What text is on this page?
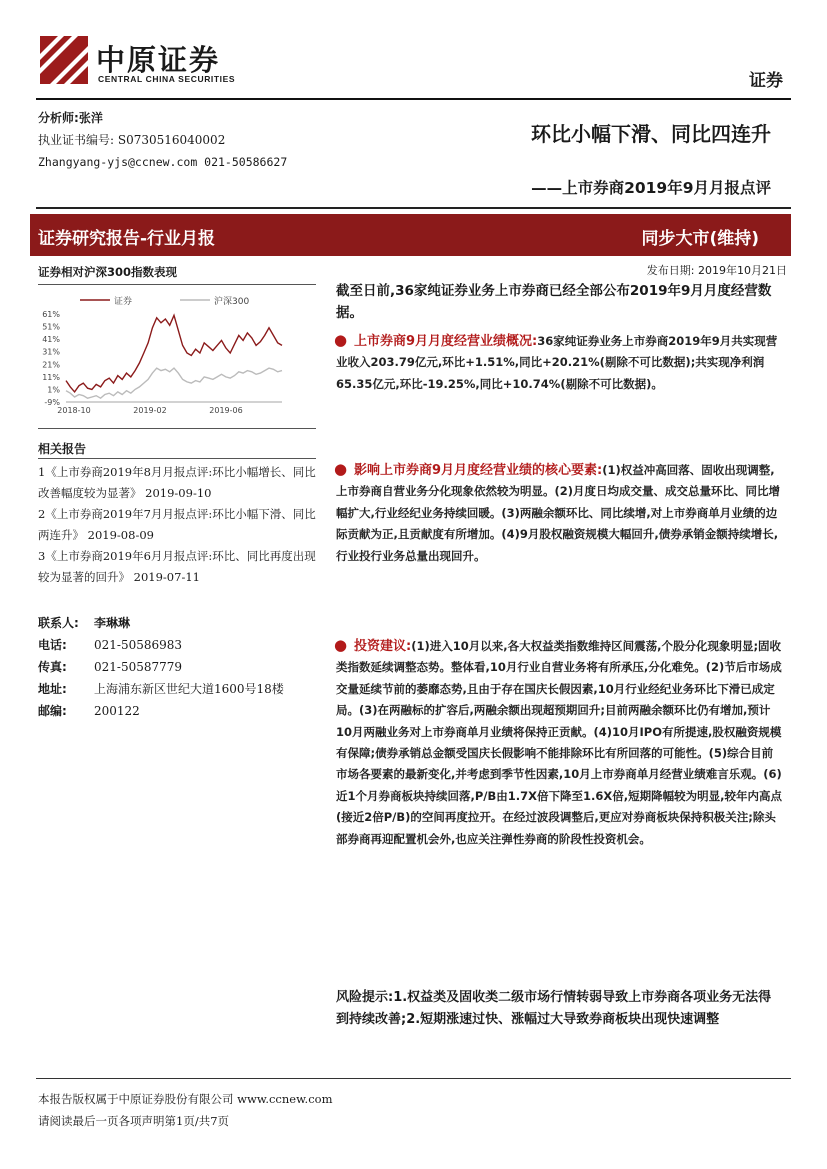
中原证券
CENTRAL CHINA SECURITIES	证券
分析师:张洋
执业证书编号: S0730516040002
Zhangyang-yjs@ccnew.com 021-50586627
环比小幅下滑、同比四连升
——上市券商2019年9月月报点评
证券研究报告-行业月报	同步大市(维持)
发布日期: 2019年10月21日
证券相对沪深300指数表现
证券	沪深300
61%
51%
41%
31%
21%
11%
1%
-9%
2018-10	2019-02	2019-06
相关报告
1《上市券商2019年8月月报点评:环比小幅增长、同比改善幅度较为显著》 2019-09-10
2《上市券商2019年7月月报点评:环比小幅下滑、同比两连升》 2019-08-09
3《上市券商2019年6月月报点评:环比、同比再度出现较为显著的回升》 2019-07-11
联系人:	李琳琳
电话:	021-50586983
传真:	021-50587779
地址:	上海浦东新区世纪大道1600号18楼
邮编:	200122
截至日前,36家纯证券业务上市券商已经全部公布2019年9月月度经营数据。
● 上市券商9月月度经营业绩概况:36家纯证券业务上市券商2019年9月共实现营业收入203.79亿元,环比+1.51%,同比+20.21%(剔除不可比数据);共实现净利润65.35亿元,环比-19.25%,同比+10.74%(剔除不可比数据)。

● 影响上市券商9月月度经营业绩的核心要素:(1)权益冲高回落、固收出现调整,上市券商自营业务分化现象依然较为明显。(2)月度日均成交量、成交总量环比、同比增幅扩大,行业经纪业务持续回暖。(3)两融余额环比、同比续增,对上市券商单月业绩的边际贡献为正,且贡献度有所增加。(4)9月股权融资规模大幅回升,债券承销金额持续增长,行业投行业务总量出现回升。

● 投资建议:(1)进入10月以来,各大权益类指数维持区间震荡,个股分化现象明显;固收类指数延续调整态势。整体看,10月行业自营业务将有所承压,分化难免。(2)节后市场成交量延续节前的萎靡态势,且由于存在国庆长假因素,10月行业经纪业务环比下滑已成定局。(3)在两融标的扩容后,两融余额出现超预期回升;目前两融余额环比仍有增加,预计10月两融业务对上市券商单月业绩将保持正贡献。(4)10月IPO有所提速,股权融资规模有保障;债券承销总金额受国庆长假影响不能排除环比有所回落的可能性。(5)综合目前市场各要素的最新变化,并考虑到季节性因素,10月上市券商单月经营业绩难言乐观。(6)近1个月券商板块持续回落,P/B由1.7X倍下降至1.6X倍,短期降幅较为明显,较年内高点(接近2倍P/B)的空间再度拉开。在经过波段调整后,更应对券商板块保持积极关注;除头部券商再迎配置机会外,也应关注弹性券商的阶段性投资机会。

风险提示:1.权益类及固收类二级市场行情转弱导致上市券商各项业务无法得到持续改善;2.短期涨速过快、涨幅过大导致券商板块出现快速调整
本报告版权属于中原证券股份有限公司 www.ccnew.com
请阅读最后一页各项声明第1页/共7页
